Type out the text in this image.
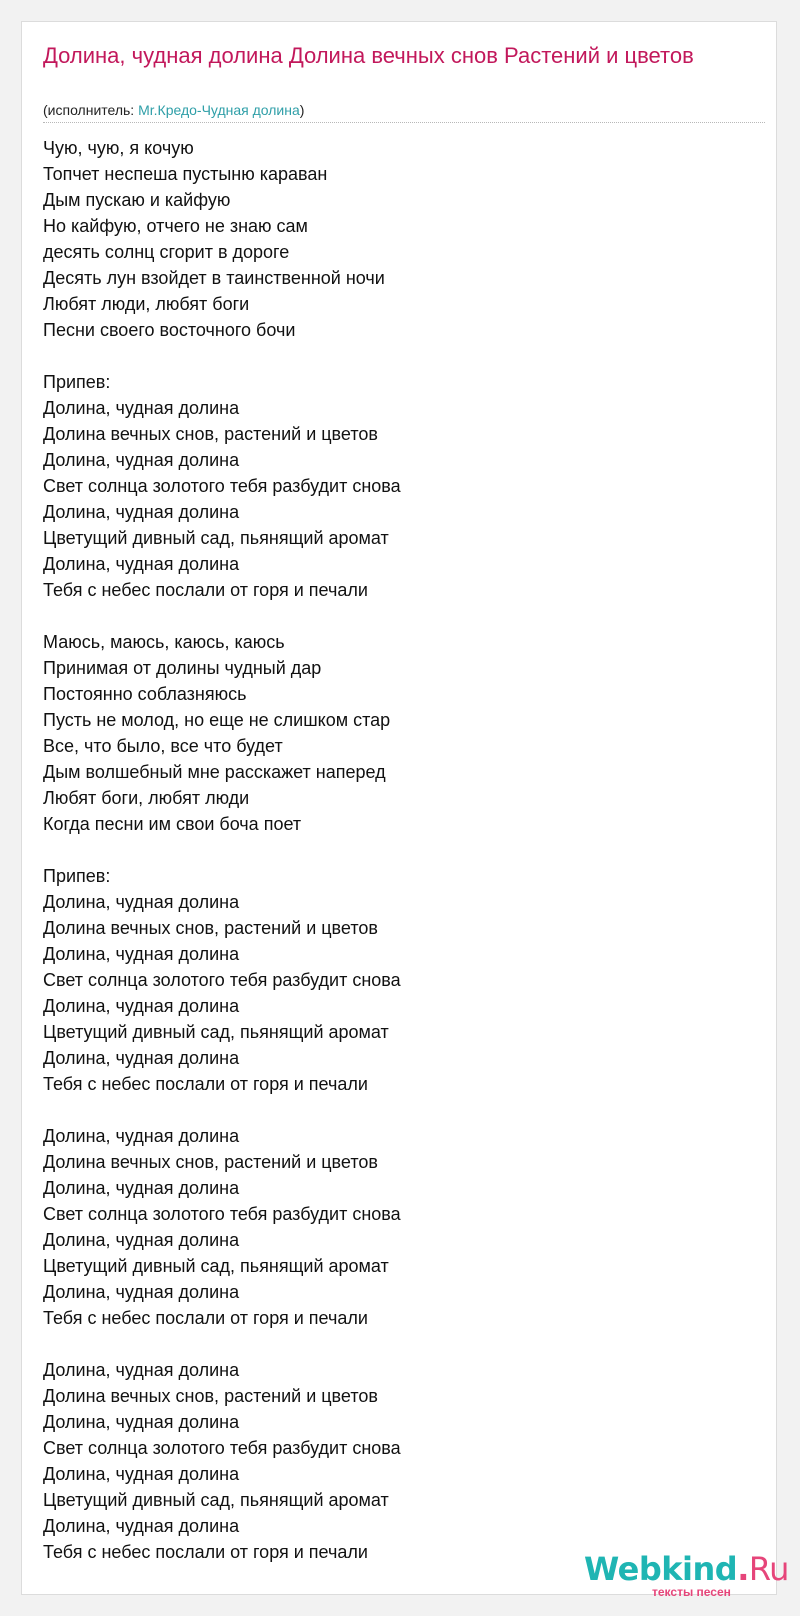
Долина, чудная долина Долина вечных снов Растений и цветов
(исполнитель: Mr.Кредо-Чудная долина)
Чую, чую, я кочую
Топчет неспеша пустыню караван
Дым пускаю и кайфую
Но кайфую, отчего не знаю сам
десять солнц сгорит в дороге
Десять лун взойдет в таинственной ночи
Любят люди, любят боги
Песни своего восточного бочи
Припев:
Долина, чудная долина
Долина вечных снов, растений и цветов
Долина, чудная долина
Свет солнца золотого тебя разбудит снова
Долина, чудная долина
Цветущий дивный сад, пьянящий аромат
Долина, чудная долина
Тебя с небес послали от горя и печали
Маюсь, маюсь, каюсь, каюсь
Принимая от долины чудный дар
Постоянно соблазняюсь
Пусть не молод, но еще не слишком стар
Все, что было, все что будет
Дым волшебный мне расскажет наперед
Любят боги, любят люди
Когда песни им свои боча поет
Припев:
Долина, чудная долина
Долина вечных снов, растений и цветов
Долина, чудная долина
Свет солнца золотого тебя разбудит снова
Долина, чудная долина
Цветущий дивный сад, пьянящий аромат
Долина, чудная долина
Тебя с небес послали от горя и печали
Долина, чудная долина
Долина вечных снов, растений и цветов
Долина, чудная долина
Свет солнца золотого тебя разбудит снова
Долина, чудная долина
Цветущий дивный сад, пьянящий аромат
Долина, чудная долина
Тебя с небес послали от горя и печали
Долина, чудная долина
Долина вечных снов, растений и цветов
Долина, чудная долина
Свет солнца золотого тебя разбудит снова
Долина, чудная долина
Цветущий дивный сад, пьянящий аромат
Долина, чудная долина
Тебя с небес послали от горя и печали	Webkind.Ru
тексты песен
